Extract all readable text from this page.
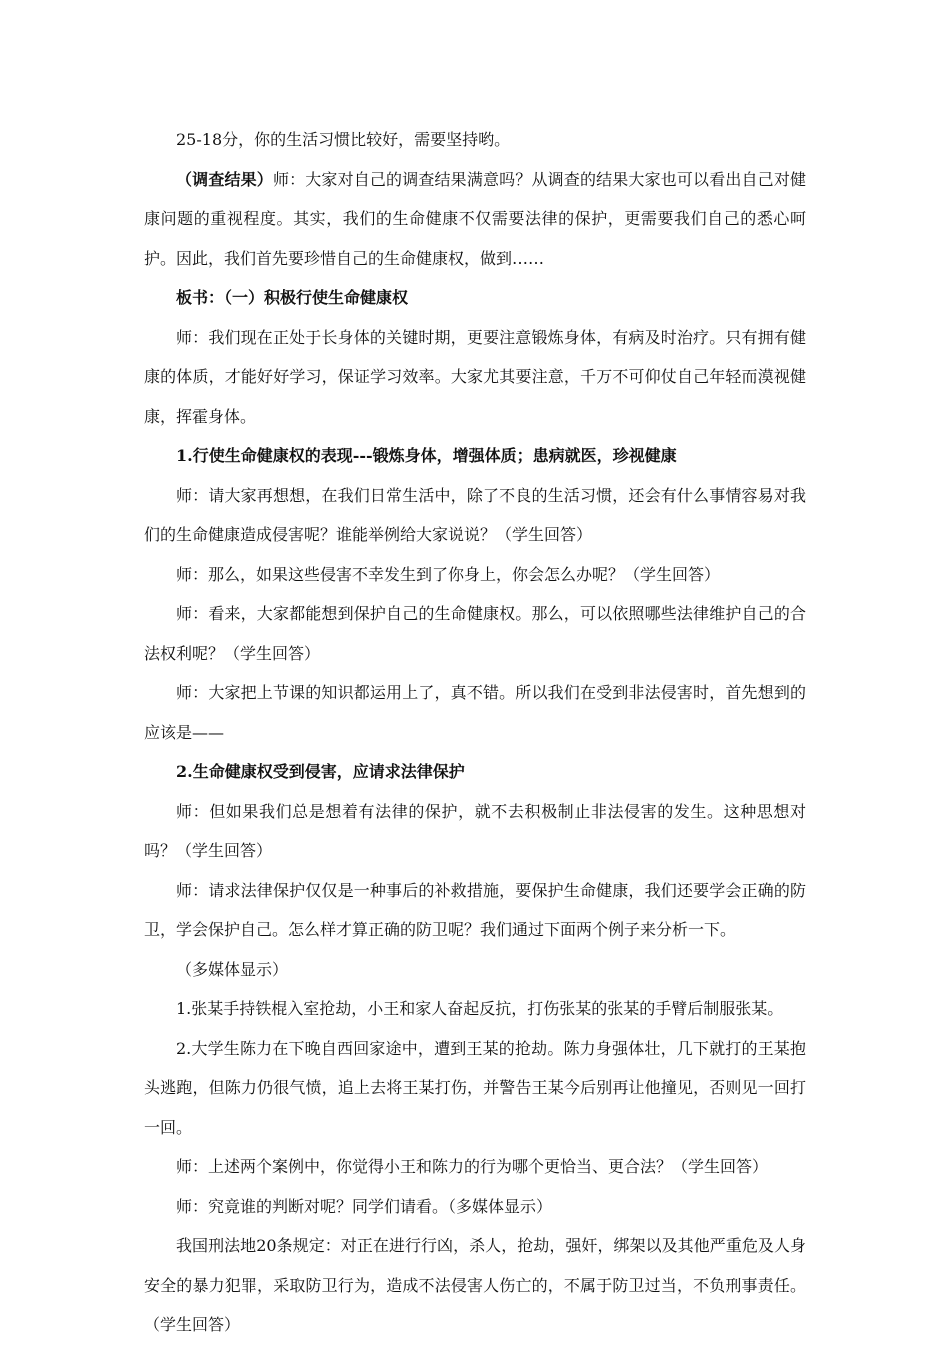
25-18分，你的生活习惯比较好，需要坚持哟。

（调查结果）师：大家对自己的调查结果满意吗？从调查的结果大家也可以看出自己对健康问题的重视程度。其实，我们的生命健康不仅需要法律的保护，更需要我们自己的悉心呵护。因此，我们首先要珍惜自己的生命健康权，做到……

板书：（一）积极行使生命健康权

师：我们现在正处于长身体的关键时期，更要注意锻炼身体，有病及时治疗。只有拥有健康的体质，才能好好学习，保证学习效率。大家尤其要注意，千万不可仰仗自己年轻而漠视健康，挥霍身体。

1.行使生命健康权的表现---锻炼身体，增强体质；患病就医，珍视健康

师：请大家再想想，在我们日常生活中，除了不良的生活习惯，还会有什么事情容易对我们的生命健康造成侵害呢？谁能举例给大家说说？（学生回答）

师：那么，如果这些侵害不幸发生到了你身上，你会怎么办呢？（学生回答）

师：看来，大家都能想到保护自己的生命健康权。那么，可以依照哪些法律维护自己的合法权利呢？（学生回答）

师：大家把上节课的知识都运用上了，真不错。所以我们在受到非法侵害时，首先想到的应该是——

2.生命健康权受到侵害，应请求法律保护

师：但如果我们总是想着有法律的保护，就不去积极制止非法侵害的发生。这种思想对吗？（学生回答）

师：请求法律保护仅仅是一种事后的补救措施，要保护生命健康，我们还要学会正确的防卫，学会保护自己。怎么样才算正确的防卫呢？我们通过下面两个例子来分析一下。

（多媒体显示）

1.张某手持铁棍入室抢劫，小王和家人奋起反抗，打伤张某的张某的手臂后制服张某。

2.大学生陈力在下晚自西回家途中，遭到王某的抢劫。陈力身强体壮，几下就打的王某抱头逃跑，但陈力仍很气愤，追上去将王某打伤，并警告王某今后别再让他撞见，否则见一回打一回。

师：上述两个案例中，你觉得小王和陈力的行为哪个更恰当、更合法？（学生回答）

师：究竟谁的判断对呢？同学们请看。（多媒体显示）

我国刑法地20条规定：对正在进行行凶，杀人，抢劫，强奸，绑架以及其他严重危及人身安全的暴力犯罪，采取防卫行为，造成不法侵害人伤亡的，不属于防卫过当，不负刑事责任。（学生回答）
